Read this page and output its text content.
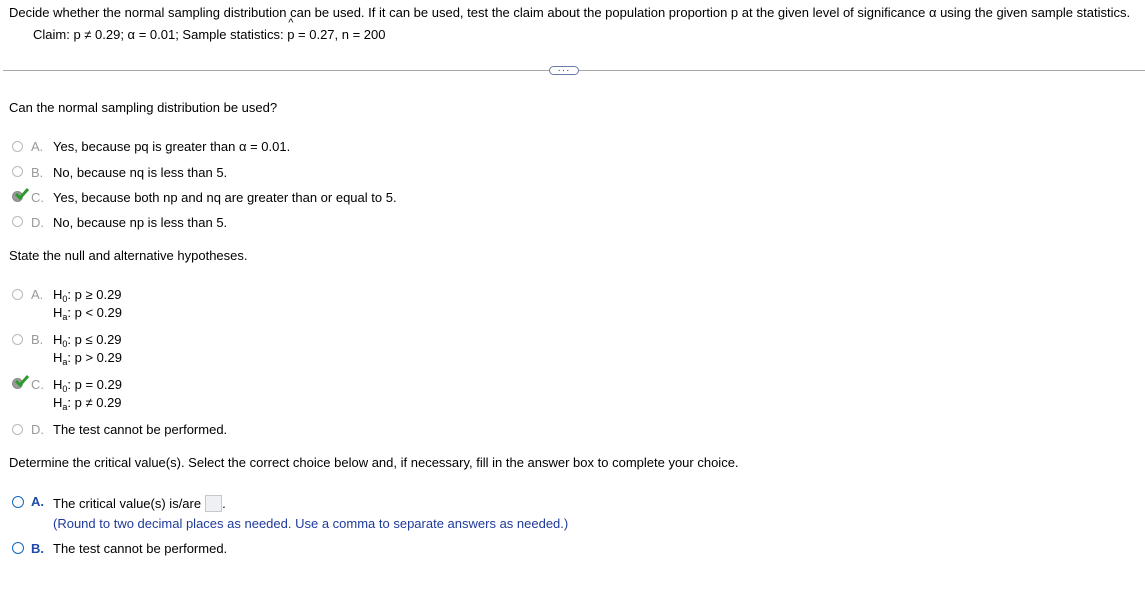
Decide whether the normal sampling distribution can be used. If it can be used, test the claim about the population proportion p at the given level of significance α using the given sample statistics.
Claim: p ≠ 0.29; α = 0.01; Sample statistics:
^
p = 0.27, n = 200
···
Can the normal sampling distribution be used?
A. Yes, because pq is greater than α = 0.01.
B. No, because nq is less than 5.
C. Yes, because both np and nq are greater than or equal to 5.
D. No, because np is less than 5.
State the null and alternative hypotheses.
A. $H_0$: p ≥ 0.29
$H_a$: p < 0.29
B. $H_0$: p ≤ 0.29
$H_a$: p > 0.29
C. $H_0$: p = 0.29
$H_a$: p ≠ 0.29
D. The test cannot be performed.
Determine the critical value(s). Select the correct choice below and, if necessary, fill in the answer box to complete your choice.
A. The critical value(s) is/are .
(Round to two decimal places as needed. Use a comma to separate answers as needed.)
B. The test cannot be performed.
